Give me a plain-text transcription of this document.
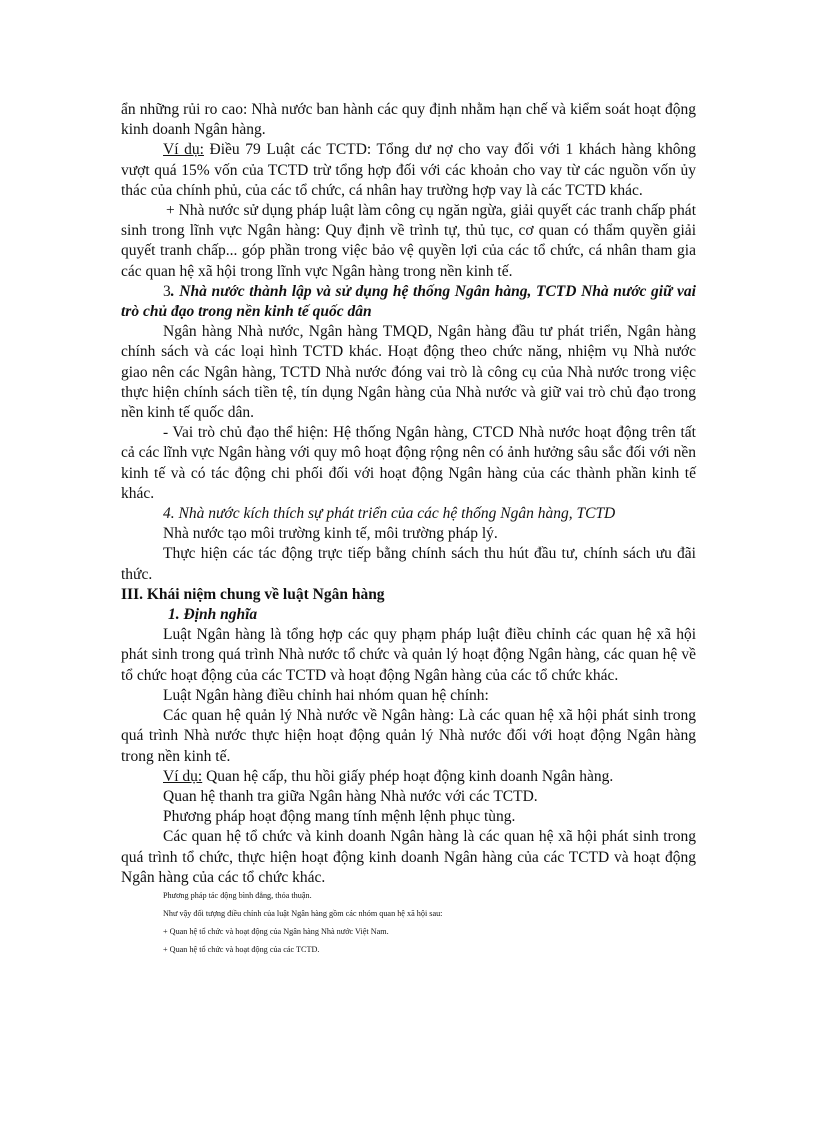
ẩn những rủi ro cao: Nhà nước ban hành các quy định nhằm hạn chế và kiểm soát hoạt động kinh doanh Ngân hàng.

Ví dụ: Điều 79 Luật các TCTD: Tổng dư nợ cho vay đối với 1 khách hàng không vượt quá 15% vốn của TCTD trừ tổng hợp đối với các khoản cho vay từ các nguồn vốn ủy thác của chính phủ, của các tổ chức, cá nhân hay trường hợp vay là các TCTD khác.

+ Nhà nước sử dụng pháp luật làm công cụ ngăn ngừa, giải quyết các tranh chấp phát sinh trong lĩnh vực Ngân hàng: Quy định về trình tự, thủ tục, cơ quan có thẩm quyền giải quyết tranh chấp... góp phần trong việc bảo vệ quyền lợi của các tổ chức, cá nhân tham gia các quan hệ xã hội trong lĩnh vực Ngân hàng trong nền kinh tế.

3. Nhà nước thành lập và sử dụng hệ thống Ngân hàng, TCTD Nhà nước giữ vai trò chủ đạo trong nền kinh tế quốc dân

Ngân hàng Nhà nước, Ngân hàng TMQD, Ngân hàng đầu tư phát triển, Ngân hàng chính sách và các loại hình TCTD khác. Hoạt động theo chức năng, nhiệm vụ Nhà nước giao nên các Ngân hàng, TCTD Nhà nước đóng vai trò là công cụ của Nhà nước trong việc thực hiện chính sách tiền tệ, tín dụng Ngân hàng của Nhà nước và giữ vai trò chủ đạo trong nền kinh tế quốc dân.

- Vai trò chủ đạo thể hiện: Hệ thống Ngân hàng, CTCD Nhà nước hoạt động trên tất cả các lĩnh vực Ngân hàng với quy mô hoạt động rộng nên có ảnh hưởng sâu sắc đối với nền kinh tế và có tác động chi phối đối với hoạt động Ngân hàng của các thành phần kinh tế khác.

4. Nhà nước kích thích sự phát triển của các hệ thống Ngân hàng, TCTD

Nhà nước tạo môi trường kinh tế, môi trường pháp lý.

Thực hiện các tác động trực tiếp bằng chính sách thu hút đầu tư, chính sách ưu đãi thức.

III. Khái niệm chung về luật Ngân hàng

1. Định nghĩa

Luật Ngân hàng là tổng hợp các quy phạm pháp luật điều chỉnh các quan hệ xã hội phát sinh trong quá trình Nhà nước tổ chức và quản lý hoạt động Ngân hàng, các quan hệ về tổ chức hoạt động của các TCTD và hoạt động Ngân hàng của các tổ chức khác.

Luật Ngân hàng điều chỉnh hai nhóm quan hệ chính:

Các quan hệ quản lý Nhà nước về Ngân hàng: Là các quan hệ xã hội phát sinh trong quá trình Nhà nước thực hiện hoạt động quản lý Nhà nước đối với hoạt động Ngân hàng trong nền kinh tế.

Ví dụ: Quan hệ cấp, thu hồi giấy phép hoạt động kinh doanh Ngân hàng.

Quan hệ thanh tra giữa Ngân hàng Nhà nước với các TCTD.

Phương pháp hoạt động mang tính mệnh lệnh phục tùng.

Các quan hệ tổ chức và kinh doanh Ngân hàng là các quan hệ xã hội phát sinh trong quá trình tổ chức, thực hiện hoạt động kinh doanh Ngân hàng của các TCTD và hoạt động Ngân hàng của các tổ chức khác.

Phương pháp tác động bình đẳng, thỏa thuận.

Như vậy đối tượng điều chỉnh của luật Ngân hàng gồm các nhóm quan hệ xã hội sau:

+ Quan hệ tổ chức và hoạt động của Ngân hàng Nhà nước Việt Nam.

+ Quan hệ tổ chức và hoạt động của các TCTD.
